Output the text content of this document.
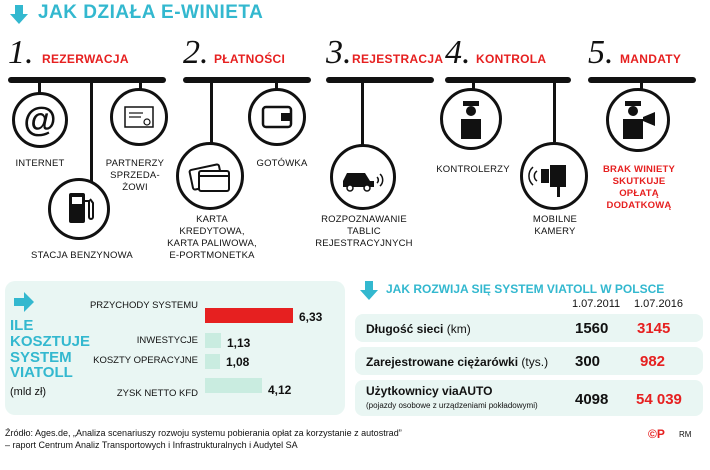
JAK DZIAŁA E-WINIETA
1. REZERWACJA
@
INTERNET	PARTNERZY SPRZEDA- ŻOWI
STACJA BENZYNOWA
2. PŁATNOŚCI
GOTÓWKA
KARTA KREDYTOWA, KARTA PALIWOWA, E-PORTMONETKA
3. REJESTRACJA
ROZPOZNAWANIE TABLIC REJESTRACYJNYCH
4. KONTROLA
KONTROLERZY
MOBILNE KAMERY
5. MANDATY
BRAK WINIETY SKUTKUJE OPŁATĄ DODATKOWĄ
ILE
KOSZTUJE
SYSTEM
VIATOLL
(mld zł)
PRZYCHODY SYSTEMU
INWESTYCJE
KOSZTY OPERACYJNE
ZYSK NETTO KFD
6,33
1,13
1,08
4,12
JAK ROZWIJA SIĘ SYSTEM VIATOLL W POLSCE
1.07.2011 1.07.2016
Długość sieci (km)	1560 3145
Zarejestrowane ciężarówki (tys.) 300	982
Użytkownicy viaAUTO
(pojazdy osobowe z urządzeniami pokładowymi) 4098 54 039
Źródło: Ages.de, „Analiza scenariuszy rozwoju systemu pobierania opłat za korzystanie z autostrad”
– raport Centrum Analiz Transportowych i Infrastrukturalnych i Audytel SA
©P RM
